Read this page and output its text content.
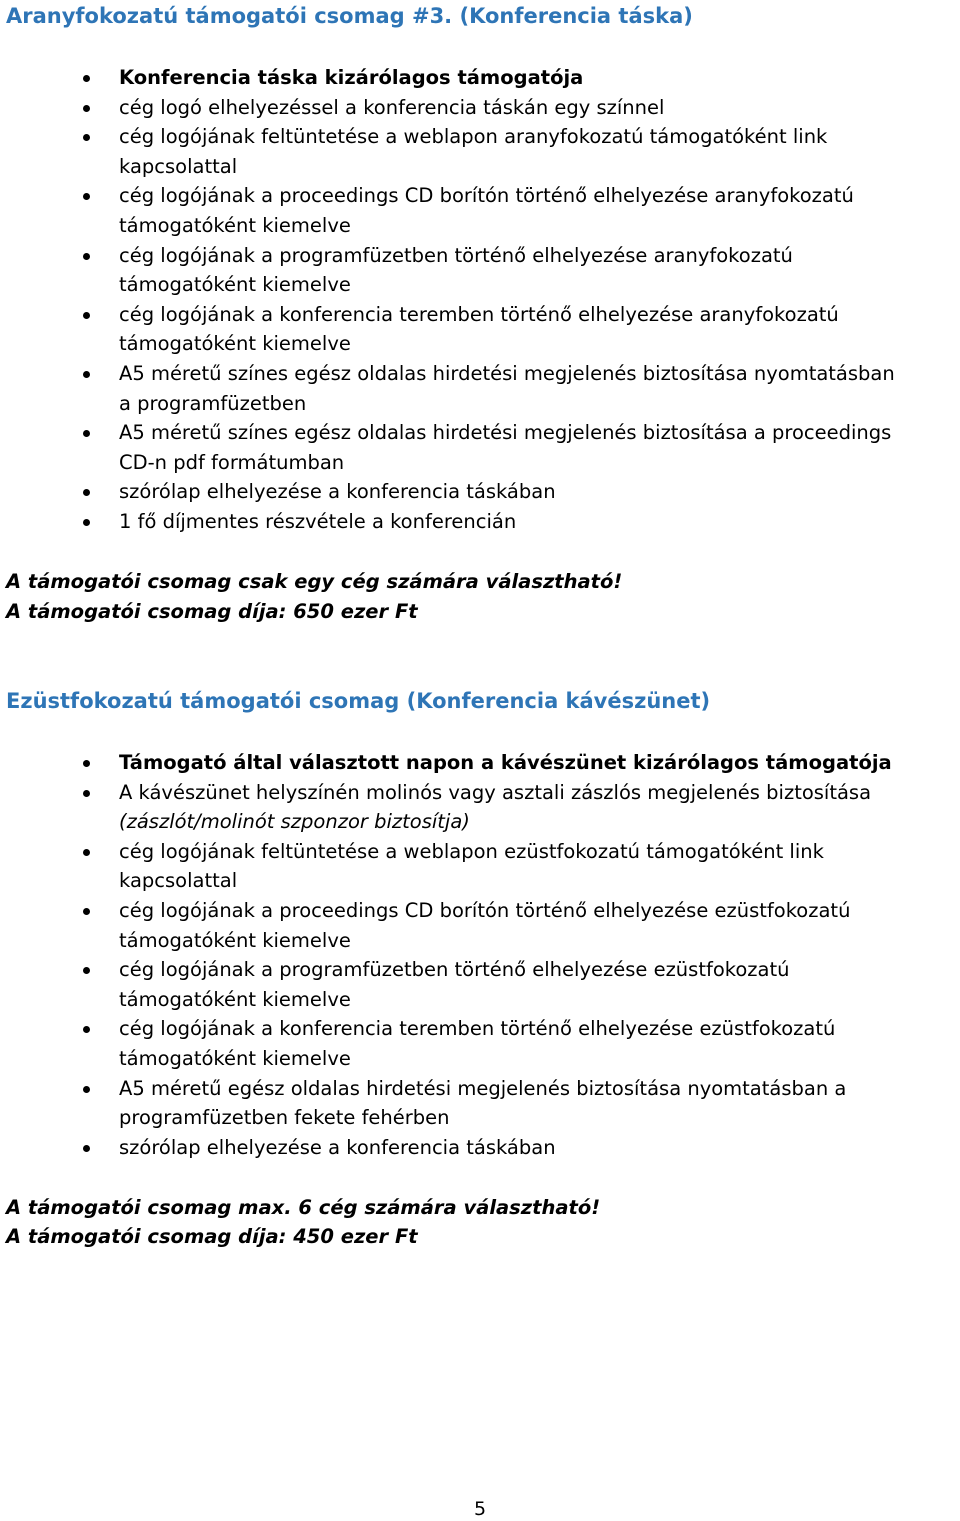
Aranyfokozatú támogatói csomag #3. (Konferencia táska)
Konferencia táska kizárólagos támogatója
cég logó elhelyezéssel a konferencia táskán egy színnel
cég logójának feltüntetése a weblapon aranyfokozatú támogatóként link
kapcsolattal
cég logójának a proceedings CD borítón történő elhelyezése aranyfokozatú
támogatóként kiemelve
cég logójának a programfüzetben történő elhelyezése aranyfokozatú
támogatóként kiemelve
cég logójának a konferencia teremben történő elhelyezése aranyfokozatú
támogatóként kiemelve
A5 méretű színes egész oldalas hirdetési megjelenés biztosítása nyomtatásban
a programfüzetben
A5 méretű színes egész oldalas hirdetési megjelenés biztosítása a proceedings
CD-n pdf formátumban
szórólap elhelyezése a konferencia táskában
1 fő díjmentes részvétele a konferencián

A támogatói csomag csak egy cég számára választható!

A támogatói csomag díja: 650 ezer Ft

Ezüstfokozatú támogatói csomag (Konferencia kávészünet)
Támogató által választott napon a kávészünet kizárólagos támogatója
A kávészünet helyszínén molinós vagy asztali zászlós megjelenés biztosítása
(zászlót/molinót szponzor biztosítja)
cég logójának feltüntetése a weblapon ezüstfokozatú támogatóként link
kapcsolattal
cég logójának a proceedings CD borítón történő elhelyezése ezüstfokozatú
támogatóként kiemelve
cég logójának a programfüzetben történő elhelyezése ezüstfokozatú
támogatóként kiemelve
cég logójának a konferencia teremben történő elhelyezése ezüstfokozatú
támogatóként kiemelve
A5 méretű egész oldalas hirdetési megjelenés biztosítása nyomtatásban a
programfüzetben fekete fehérben
szórólap elhelyezése a konferencia táskában

A támogatói csomag max. 6 cég számára választható!

A támogatói csomag díja: 450 ezer Ft

5
